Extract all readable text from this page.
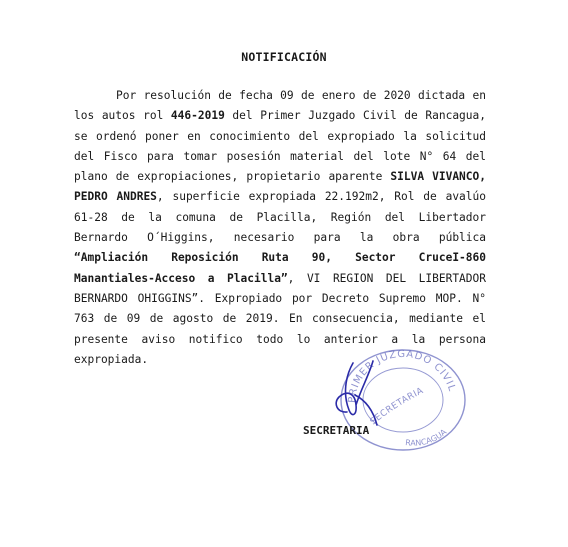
NOTIFICACIÓN

Por resolución de fecha 09 de enero de 2020 dictada en los autos rol 446-2019 del Primer Juzgado Civil de Rancagua, se ordenó poner en conocimiento del expropiado la solicitud del Fisco para tomar posesión material del lote N° 64 del plano de expropiaciones, propietario aparente SILVA VIVANCO, PEDRO ANDRES, superficie expropiada 22.192m2, Rol de avalúo 61-28 de la comuna de Placilla, Región del Libertador Bernardo O´Higgins, necesario para la obra pública “Ampliación Reposición Ruta 90, Sector CruceI-860 Manantiales-Acceso a Placilla”, VI REGION DEL LIBERTADOR BERNARDO OHIGGINS”. Expropiado por Decreto Supremo MOP. N° 763 de 09 de agosto de 2019. En consecuencia, mediante el presente aviso notifico todo lo anterior a la persona expropiada.

PRIMER JUZGADO CIVIL
SECRETARIA
RANCAGUA
SECRETARIA
